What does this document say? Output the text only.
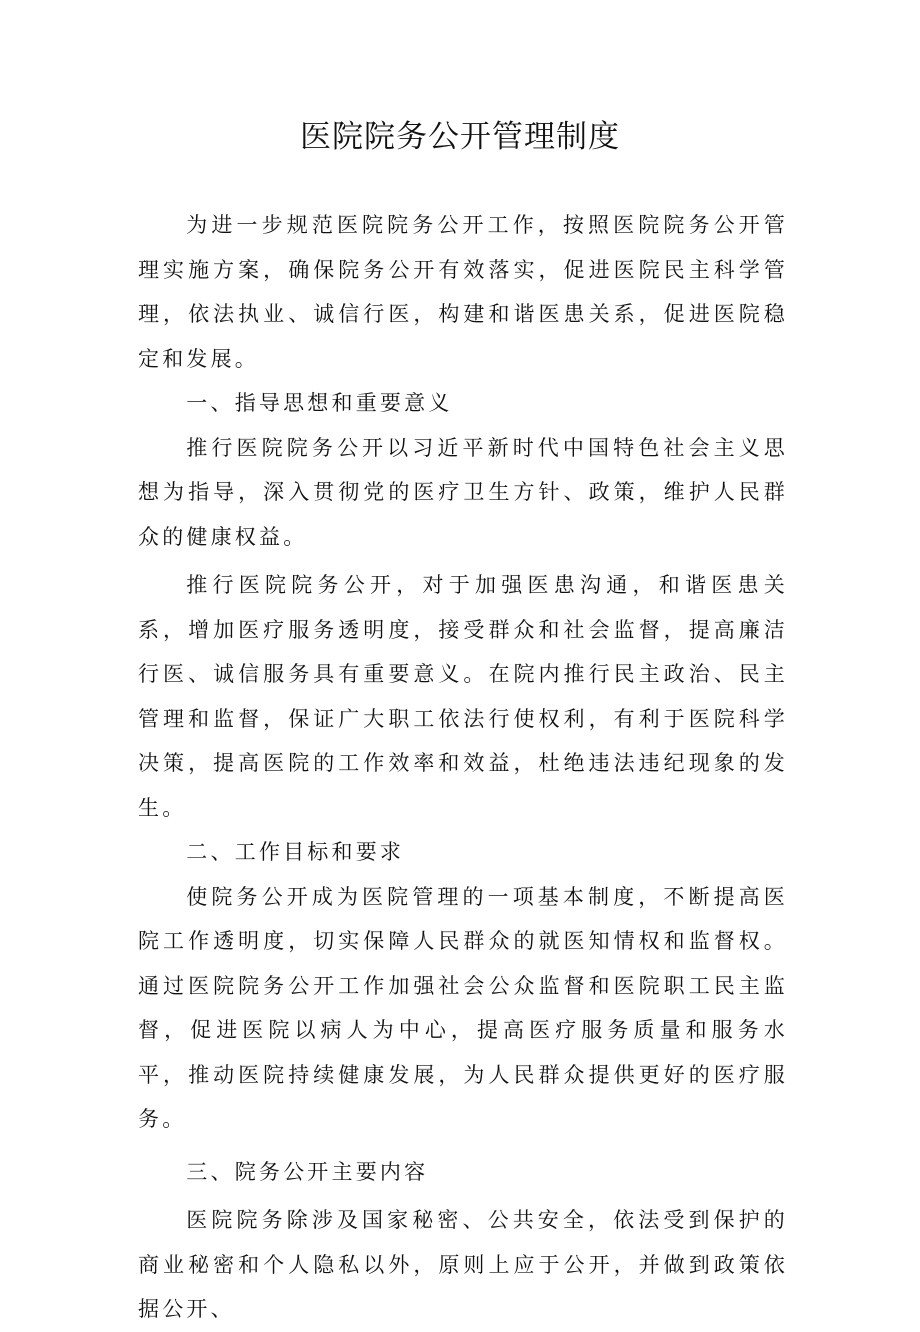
医院院务公开管理制度

为进一步规范医院院务公开工作，按照医院院务公开管理实施方案，确保院务公开有效落实，促进医院民主科学管理，依法执业、诚信行医，构建和谐医患关系，促进医院稳定和发展。

一、指导思想和重要意义

推行医院院务公开以习近平新时代中国特色社会主义思想为指导，深入贯彻党的医疗卫生方针、政策，维护人民群众的健康权益。

推行医院院务公开，对于加强医患沟通，和谐医患关系，增加医疗服务透明度，接受群众和社会监督，提高廉洁行医、诚信服务具有重要意义。在院内推行民主政治、民主管理和监督，保证广大职工依法行使权利，有利于医院科学决策，提高医院的工作效率和效益，杜绝违法违纪现象的发生。

二、工作目标和要求

使院务公开成为医院管理的一项基本制度，不断提高医院工作透明度，切实保障人民群众的就医知情权和监督权。通过医院院务公开工作加强社会公众监督和医院职工民主监督，促进医院以病人为中心，提高医疗服务质量和服务水平，推动医院持续健康发展，为人民群众提供更好的医疗服务。

三、院务公开主要内容

医院院务除涉及国家秘密、公共安全，依法受到保护的商业秘密和个人隐私以外，原则上应于公开，并做到政策依据公开、
